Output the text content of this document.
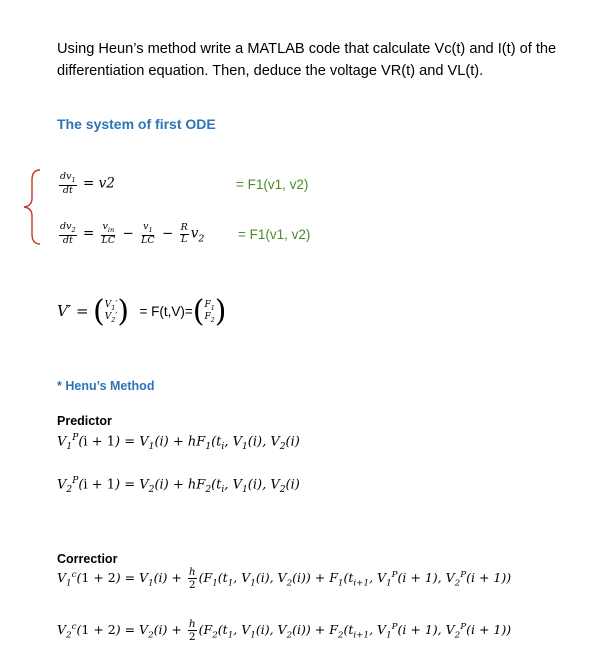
Using Heun’s method write a MATLAB code that calculate Vc(t) and I(t) of the differentiation equation. Then, deduce the voltage VR(t) and VL(t).
The system of first ODE
$\frac{dv_1}{dt} = v2$	= F1(v1, v2)
$\frac{dv_2}{dt} = \frac{v_{in}}{LC} - \frac{v_1}{LC} - \frac{R}{L} v_2 = F1(v1$, v2)
V′ = ( $V_1'$
$V_2'$ ) = F(t,V)=( $F_1$
$F_2$ )
* Henu’s Method
Predictor
$V_1^P(i + 1) = V_1(i) + hF_1(t_i$, $V_1(i)$, $V_2(i)$
$V_2^P(i + 1) = V_2(i) + hF_2(t_i$, $V_1(i)$, $V_2(i)$
Correctior
$V_1^c(1 + 2) = V_1(i) + \frac{h}{2} (F_1(t_1$, $V_1(i)$, $V_2(i)) + F_1(t_{i+1}$, $V_1^P(i + 1)$, $V_2^P(i + 1)$)
$V_2^c(1 + 2) = V_2(i) + \frac{h}{2} (F_2(t_1$, $V_1(i)$, $V_2(i)) + F_2(t_{i+1}$, $V_1^P(i + 1)$, $V_2^P(i + 1)$)
